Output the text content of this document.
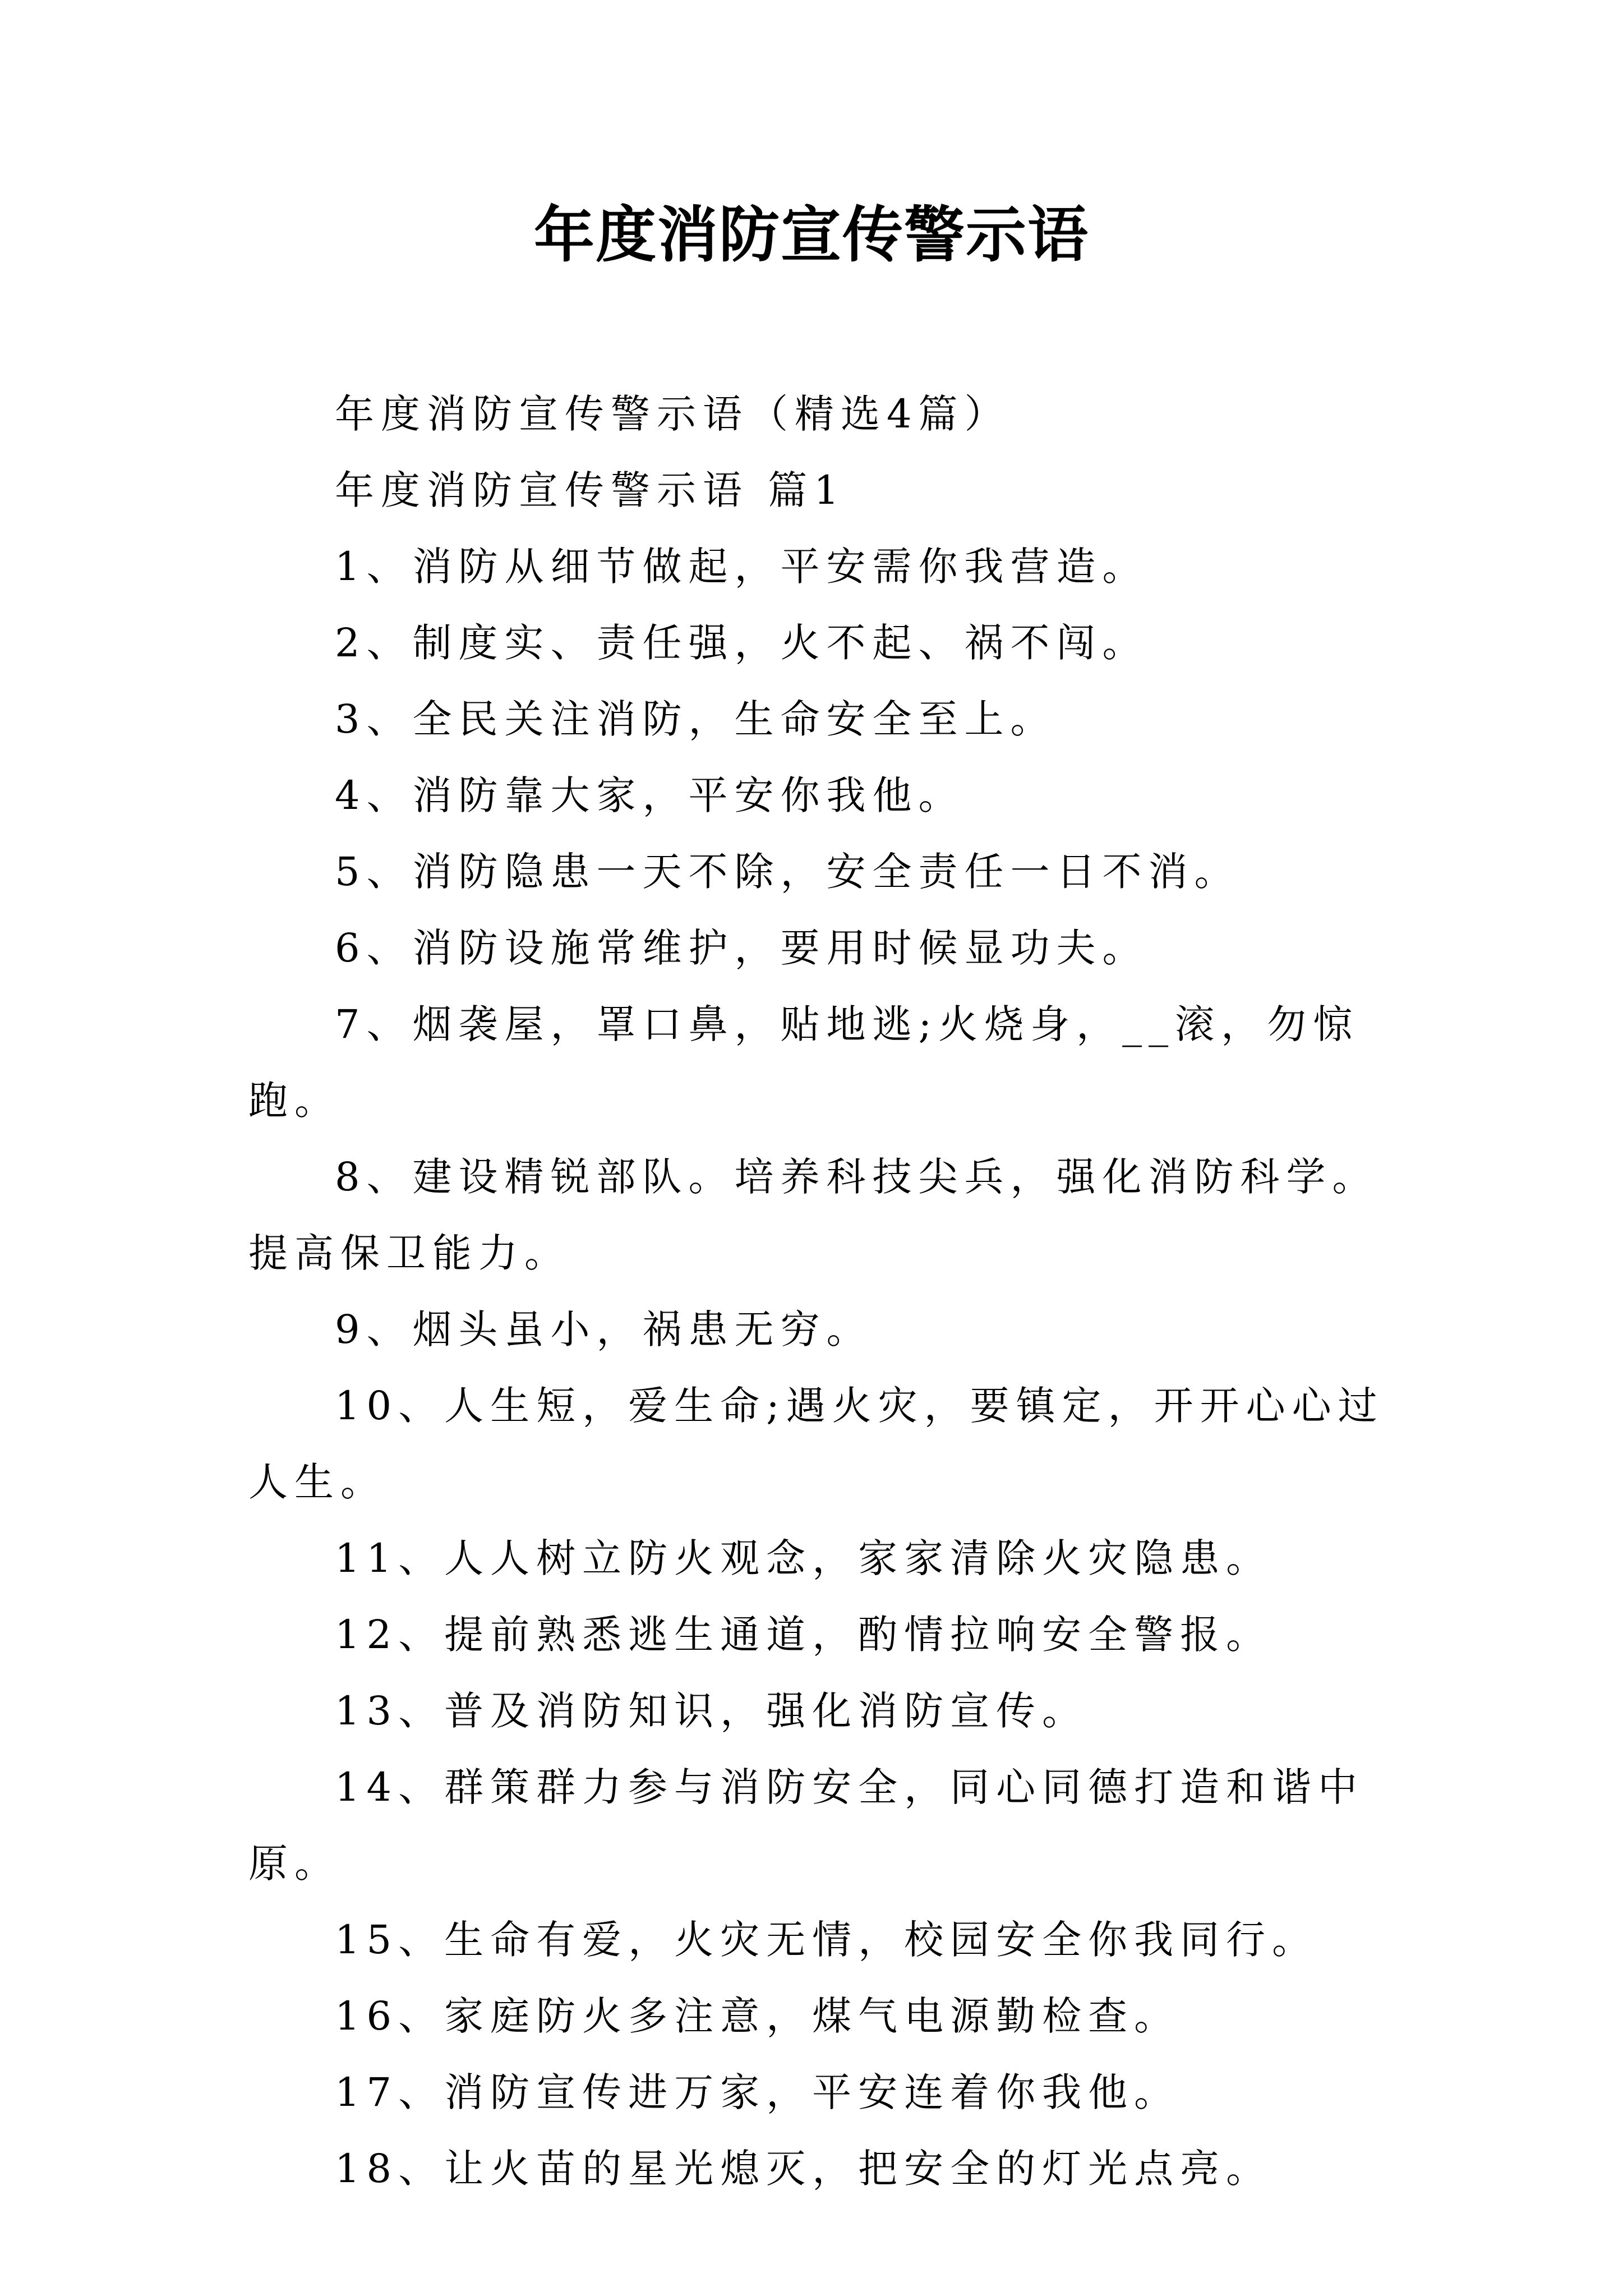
年度消防宣传警示语

年度消防宣传警示语（精选4篇）

年度消防宣传警示语 篇1

1、消防从细节做起，平安需你我营造。

2、制度实、责任强，火不起、祸不闯。

3、全民关注消防，生命安全至上。

4、消防靠大家，平安你我他。

5、消防隐患一天不除，安全责任一日不消。

6、消防设施常维护，要用时候显功夫。

7、烟袭屋，罩口鼻，贴地逃;火烧身，__滚，勿惊跑。

8、建设精锐部队。培养科技尖兵，强化消防科学。提高保卫能力。

9、烟头虽小，祸患无穷。

10、人生短，爱生命;遇火灾，要镇定，开开心心过人生。

11、人人树立防火观念，家家清除火灾隐患。

12、提前熟悉逃生通道，酌情拉响安全警报。

13、普及消防知识，强化消防宣传。

14、群策群力参与消防安全，同心同德打造和谐中原。

15、生命有爱，火灾无情，校园安全你我同行。

16、家庭防火多注意，煤气电源勤检查。

17、消防宣传进万家，平安连着你我他。

18、让火苗的星光熄灭，把安全的灯光点亮。
